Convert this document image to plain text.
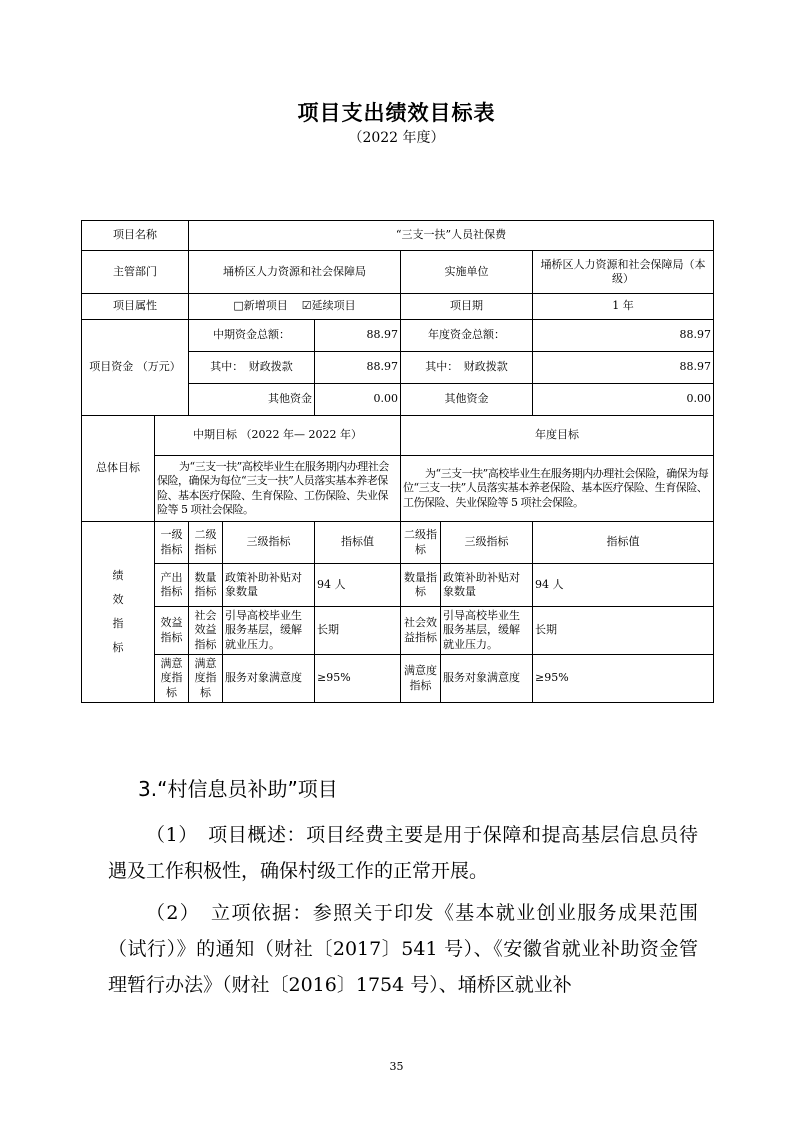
项目支出绩效目标表
（2022 年度）
项目名称		“三支一扶”人员社保费					
主管部门		埇桥区人力资源和社会保障局			实施单位		埇桥区人力资源和社会保障局（本级）
项目属性		□新增项目 ☑延续项目			项目期		1 年
项目资金 （万元）		中期资金总额：		88.97	年度资金总额：		88.97
		其中：　财政拨款		88.97	其中：　财政拨款		88.97
		其他资金		0.00	其他资金		0.00
总体目标	中期目标 （2022 年— 2022 年）				年度目标		
	为“三支一扶”高校毕业生在服务期内办理社会保险，确保为每位“三支一扶”人员落实基本养老保险、基本医疗保险、生育保险、工伤保险、失业保险等 5 项社会保险。				为“三支一扶”高校毕业生在服务期内办理社会保险，确保为每位“三支一扶”人员落实基本养老保险、基本医疗保险、生育保险、工伤保险、失业保险等 5 项社会保险。		

绩
效
指
标	一级指标	二级指标	三级指标	指标值	二级指标	三级指标	指标值
	产出指标	数量指标	政策补助补贴对象数量	94 人	数量指标	政策补助补贴对象数量	94 人
	效益指标	社会效益指标	引导高校毕业生服务基层，缓解就业压力。	长期	社会效益指标	引导高校毕业生服务基层，缓解就业压力。	长期
	满意度指标	满意度指标	服务对象满意度	≥95%	满意度指标	服务对象满意度	≥95%
3.“村信息员补助”项目
（1）　项目概述：项目经费主要是用于保障和提高基层信息员待遇及工作积极性，确保村级工作的正常开展。
（2）　立项依据：参照关于印发《基本就业创业服务成果范围（试行）》的通知（财社〔2017〕541 号）、《安徽省就业补助资金管理暂行办法》（财社〔2016〕1754 号）、埇桥区就业补
35
